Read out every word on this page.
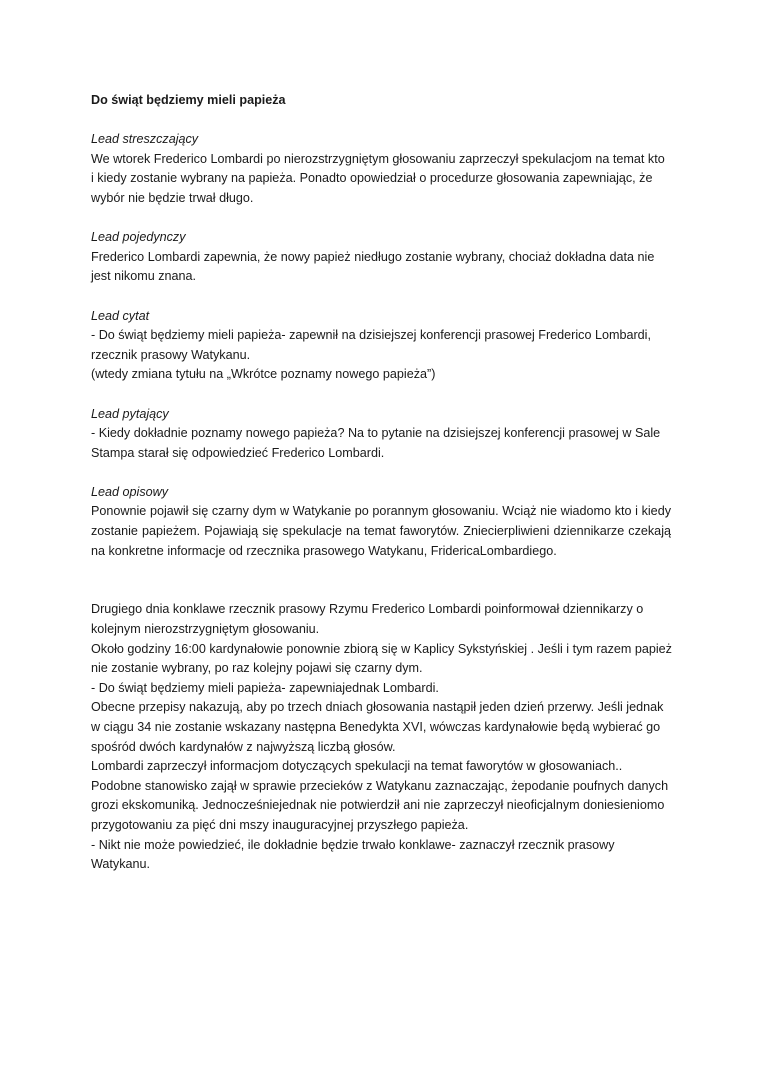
Do świąt będziemy mieli papieża

Lead streszczający

We wtorek Frederico Lombardi po nierozstrzygniętym głosowaniu zaprzeczył spekulacjom na temat kto i kiedy zostanie wybrany na papieża. Ponadto opowiedział o procedurze głosowania zapewniając, że wybór nie będzie trwał długo.

Lead pojedynczy

Frederico Lombardi zapewnia, że nowy papież niedługo zostanie wybrany, chociaż dokładna data nie jest nikomu znana.

Lead cytat

- Do świąt będziemy mieli papieża- zapewnił na dzisiejszej konferencji prasowej Frederico Lombardi, rzecznik prasowy Watykanu.

(wtedy zmiana tytułu na „Wkrótce poznamy nowego papieża”)

Lead pytający

- Kiedy dokładnie poznamy nowego papieża? Na to pytanie na dzisiejszej konferencji prasowej w Sale Stampa starał się odpowiedzieć Frederico Lombardi.

Lead opisowy

Ponownie pojawił się czarny dym w Watykanie po porannym głosowaniu. Wciąż nie wiadomo kto i kiedy zostanie papieżem. Pojawiają się spekulacje na temat faworytów. Zniecierpliwieni dziennikarze czekają na konkretne informacje od rzecznika prasowego Watykanu, FridericaLombardiego.

Drugiego dnia konklawe rzecznik prasowy Rzymu Frederico Lombardi poinformował dziennikarzy o kolejnym nierozstrzygniętym głosowaniu.

Około godziny 16:00 kardynałowie ponownie zbiorą się w Kaplicy Sykstyńskiej . Jeśli i tym razem papież nie zostanie wybrany, po raz kolejny pojawi się czarny dym.

- Do świąt będziemy mieli papieża- zapewniajednak Lombardi.

Obecne przepisy nakazują, aby po trzech dniach głosowania nastąpił jeden dzień przerwy. Jeśli jednak w ciągu 34 nie zostanie wskazany następna Benedykta XVI, wówczas kardynałowie będą wybierać go spośród dwóch kardynałów z najwyższą liczbą głosów.

Lombardi zaprzeczył informacjom dotyczących spekulacji na temat faworytów w głosowaniach..

Podobne stanowisko zajął w sprawie przecieków z Watykanu zaznaczając, żepodanie poufnych danych grozi ekskomuniką. Jednocześniejednak nie potwierdził ani nie zaprzeczył nieoficjalnym doniesieniomo przygotowaniu za pięć dni mszy inauguracyjnej przyszłego papieża.

- Nikt nie może powiedzieć, ile dokładnie będzie trwało konklawe- zaznaczył rzecznik prasowy Watykanu.
